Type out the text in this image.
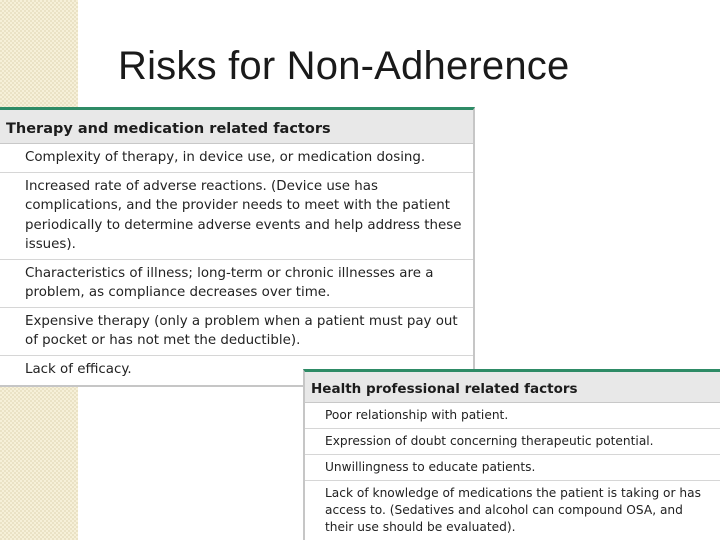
Risks for Non-Adherence
Therapy and medication related factors
Complexity of therapy, in device use, or medication dosing.
Increased rate of adverse reactions. (Device use has complications, and the provider needs to meet with the patient periodically to determine adverse events and help address these issues).
Characteristics of illness; long-term or chronic illnesses are a problem, as compliance decreases over time.
Expensive therapy (only a problem when a patient must pay out of pocket or has not met the deductible).
Lack of efficacy.
Health professional related factors
Poor relationship with patient.
Expression of doubt concerning therapeutic potential.
Unwillingness to educate patients.
Lack of knowledge of medications the patient is taking or has access to. (Sedatives and alcohol can compound OSA, and their use should be evaluated).
